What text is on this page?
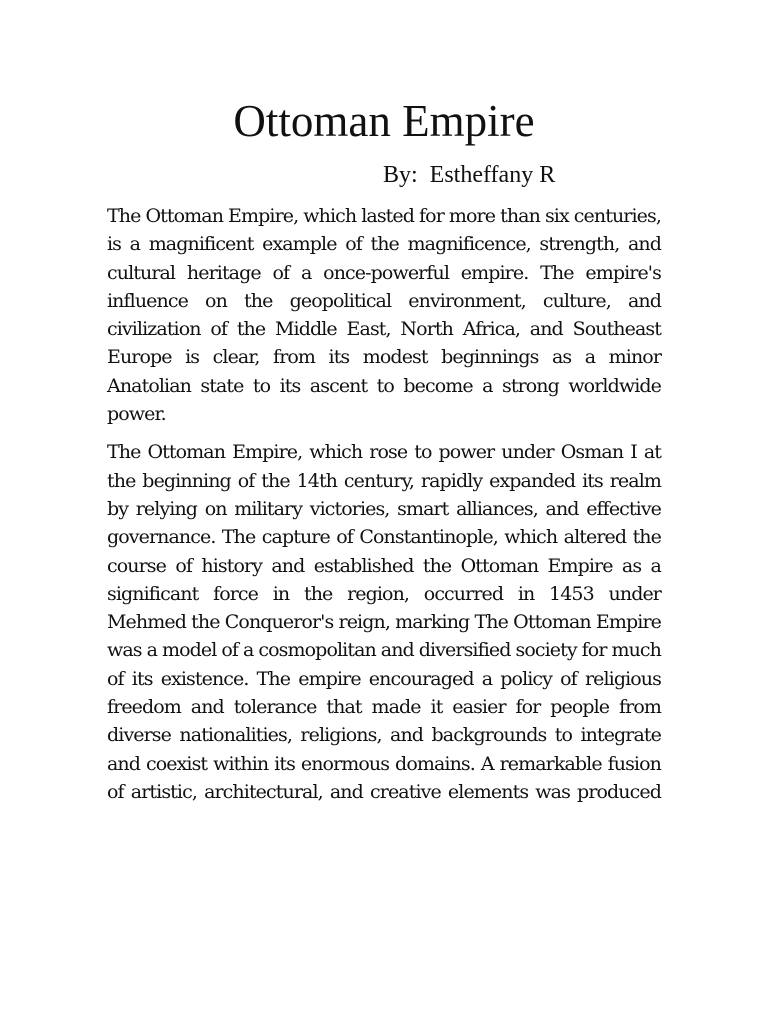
Ottoman Empire
By:  Estheffany R

The Ottoman Empire, which lasted for more than six centuries, is a magnificent example of the magnificence, strength, and cultural heritage of a once-powerful empire. The empire's influence on the geopolitical environment, culture, and civilization of the Middle East, North Africa, and Southeast Europe is clear, from its modest beginnings as a minor Anatolian state to its ascent to become a strong worldwide power.

The Ottoman Empire, which rose to power under Osman I at the beginning of the 14th century, rapidly expanded its realm by relying on military victories, smart alliances, and effective governance. The capture of Constantinople, which altered the course of history and established the Ottoman Empire as a significant force in the region, occurred in 1453 under Mehmed the Conqueror's reign, marking The Ottoman Empire was a model of a cosmopolitan and diversified society for much of its existence. The empire encouraged a policy of religious freedom and tolerance that made it easier for people from diverse nationalities, religions, and backgrounds to integrate and coexist within its enormous domains. A remarkable fusion of artistic, architectural, and creative elements was produced
